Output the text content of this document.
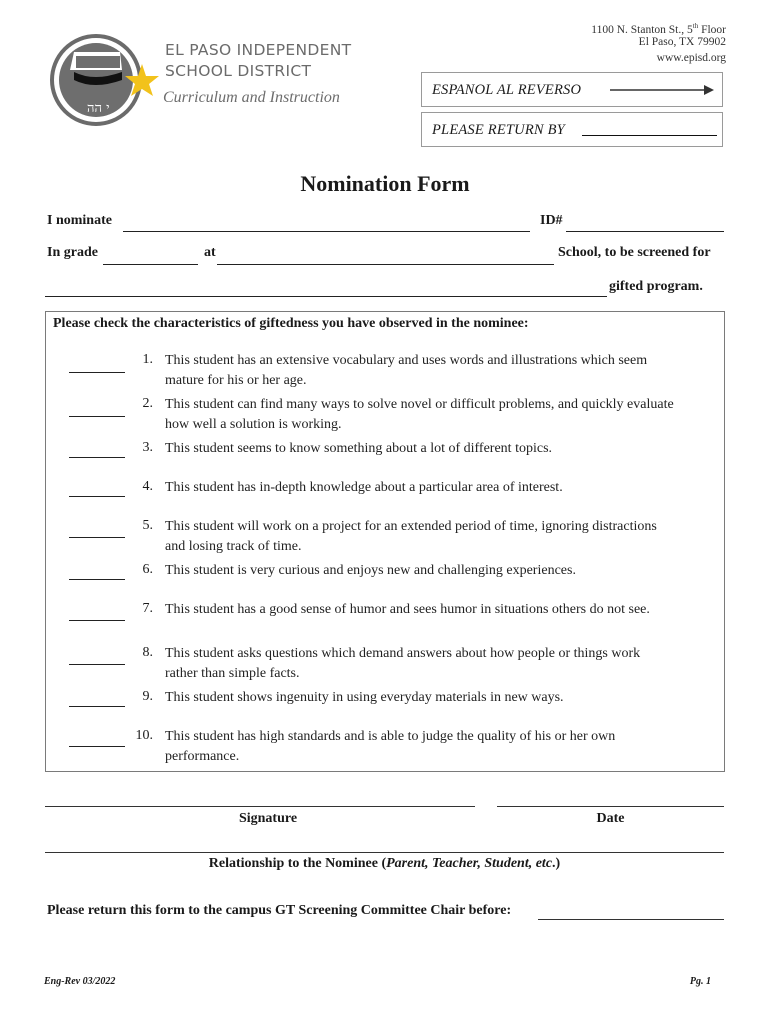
י הה
EL PASO INDEPENDENT
SCHOOL DISTRICT
Curriculum and Instruction
1100 N. Stanton St., 5th Floor
El Paso, TX 79902
www.episd.org
ESPANOL AL REVERSO
PLEASE RETURN BY
Nomination Form
I nominate	ID#
In grade	at	School, to be screened for
gifted program.
Please check the characteristics of giftedness you have observed in the nominee:
1. This student has an extensive vocabulary and uses words and illustrations which seem mature for his or her age.
2. This student can find many ways to solve novel or difficult problems, and quickly evaluate how well a solution is working.
3. This student seems to know something about a lot of different topics.
4. This student has in-depth knowledge about a particular area of interest.
5. This student will work on a project for an extended period of time, ignoring distractions and losing track of time.
6. This student is very curious and enjoys new and challenging experiences.
7. This student has a good sense of humor and sees humor in situations others do not see.
8. This student asks questions which demand answers about how people or things work rather than simple facts.
9. This student shows ingenuity in using everyday materials in new ways.
10. This student has high standards and is able to judge the quality of his or her own performance.
Signature	Date
Relationship to the Nominee (Parent, Teacher, Student, etc.)
Please return this form to the campus GT Screening Committee Chair before:
Eng-Rev 03/2022	Pg. 1
